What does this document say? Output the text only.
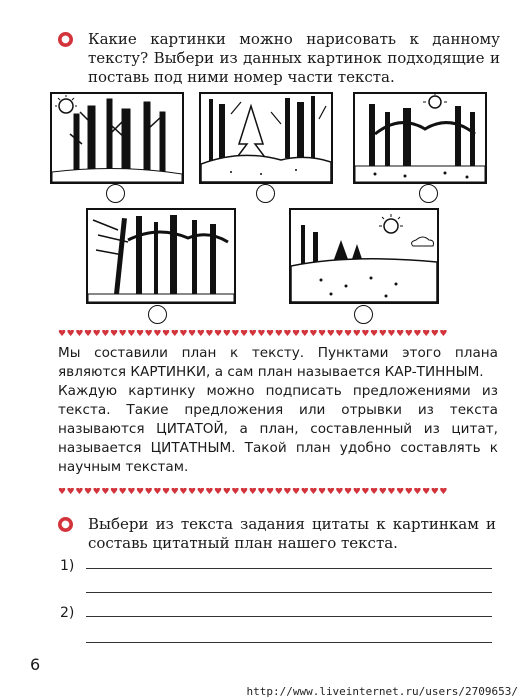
● Какие картинки можно нарисовать к данному тексту? Выбери из данных картинок подходящие и поставь под ними номер части текста.
♥♥♥♥♥♥♥♥♥♥♥♥♥♥♥♥♥♥♥♥♥♥♥♥♥♥♥♥♥♥♥♥♥♥♥♥♥♥♥♥♥♥♥♥♥

Мы составили план к тексту. Пунктами этого плана являются КАРТИНКИ, а сам план называется КАР-ТИННЫМ.

Каждую картинку можно подписать предложениями из текста. Такие предложения или отрывки из текста называются ЦИТАТОЙ, а план, составленный из цитат, называется ЦИТАТНЫМ. Такой план удобно составлять к научным текстам.

♥♥♥♥♥♥♥♥♥♥♥♥♥♥♥♥♥♥♥♥♥♥♥♥♥♥♥♥♥♥♥♥♥♥♥♥♥♥♥♥♥♥♥♥♥
● Выбери из текста задания цитаты к картинкам и составь цитатный план нашего текста.
1)
2)
6
http://www.liveinternet.ru/users/2709653/
